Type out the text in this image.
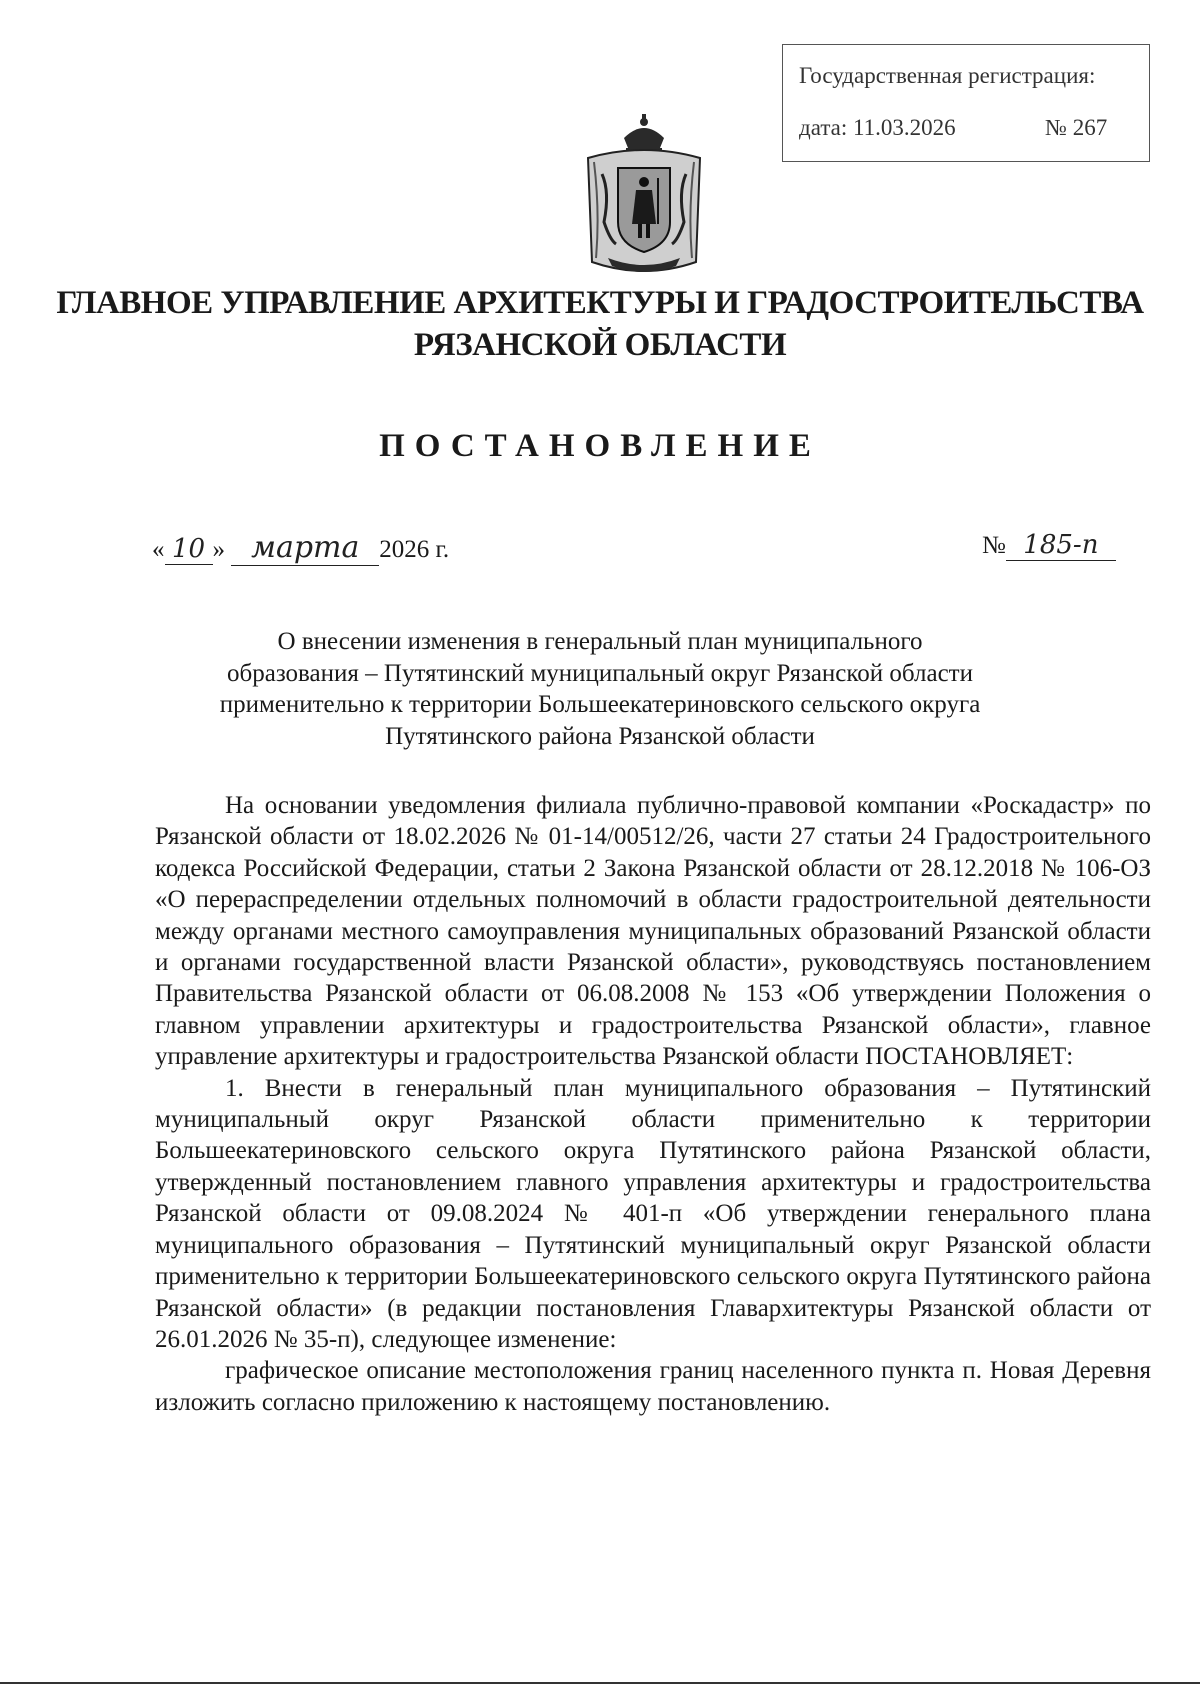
Государственная регистрация:
дата: 11.03.2026	№ 267
ГЛАВНОЕ УПРАВЛЕНИЕ АРХИТЕКТУРЫ И ГРАДОСТРОИТЕЛЬСТВА
РЯЗАНСКОЙ ОБЛАСТИ
ПОСТАНОВЛЕНИЕ
« 10 » марта 2026 г.	№ 185-п
О внесении изменения в генеральный план муниципального
образования – Путятинский муниципальный округ Рязанской области
применительно к территории Большеекатериновского сельского округа
Путятинского района Рязанской области

На основании уведомления филиала публично-правовой компании «Роскадастр» по Рязанской области от 18.02.2026 № 01-14/00512/26, части 27 статьи 24 Градостроительного кодекса Российской Федерации, статьи 2 Закона Рязанской области от 28.12.2018 № 106-ОЗ «О перераспределении отдельных полномочий в области градостроительной деятельности между органами местного самоуправления муниципальных образований Рязанской области и органами государственной власти Рязанской области», руководствуясь постановлением Правительства Рязанской области от 06.08.2008 № 153 «Об утверждении Положения о главном управлении архитектуры и градостроительства Рязанской области», главное управление архитектуры и градостроительства Рязанской области ПОСТАНОВЛЯЕТ:

1. Внести в генеральный план муниципального образования – Путятинский муниципальный округ Рязанской области применительно к территории Большеекатериновского сельского округа Путятинского района Рязанской области, утвержденный постановлением главного управления архитектуры и градостроительства Рязанской области от 09.08.2024 № 401-п «Об утверждении генерального плана муниципального образования – Путятинский муниципальный округ Рязанской области применительно к территории Большеекатериновского сельского округа Путятинского района Рязанской области» (в редакции постановления Главархитектуры Рязанской области от 26.01.2026 № 35-п), следующее изменение:

графическое описание местоположения границ населенного пункта п. Новая Деревня изложить согласно приложению к настоящему постановлению.
